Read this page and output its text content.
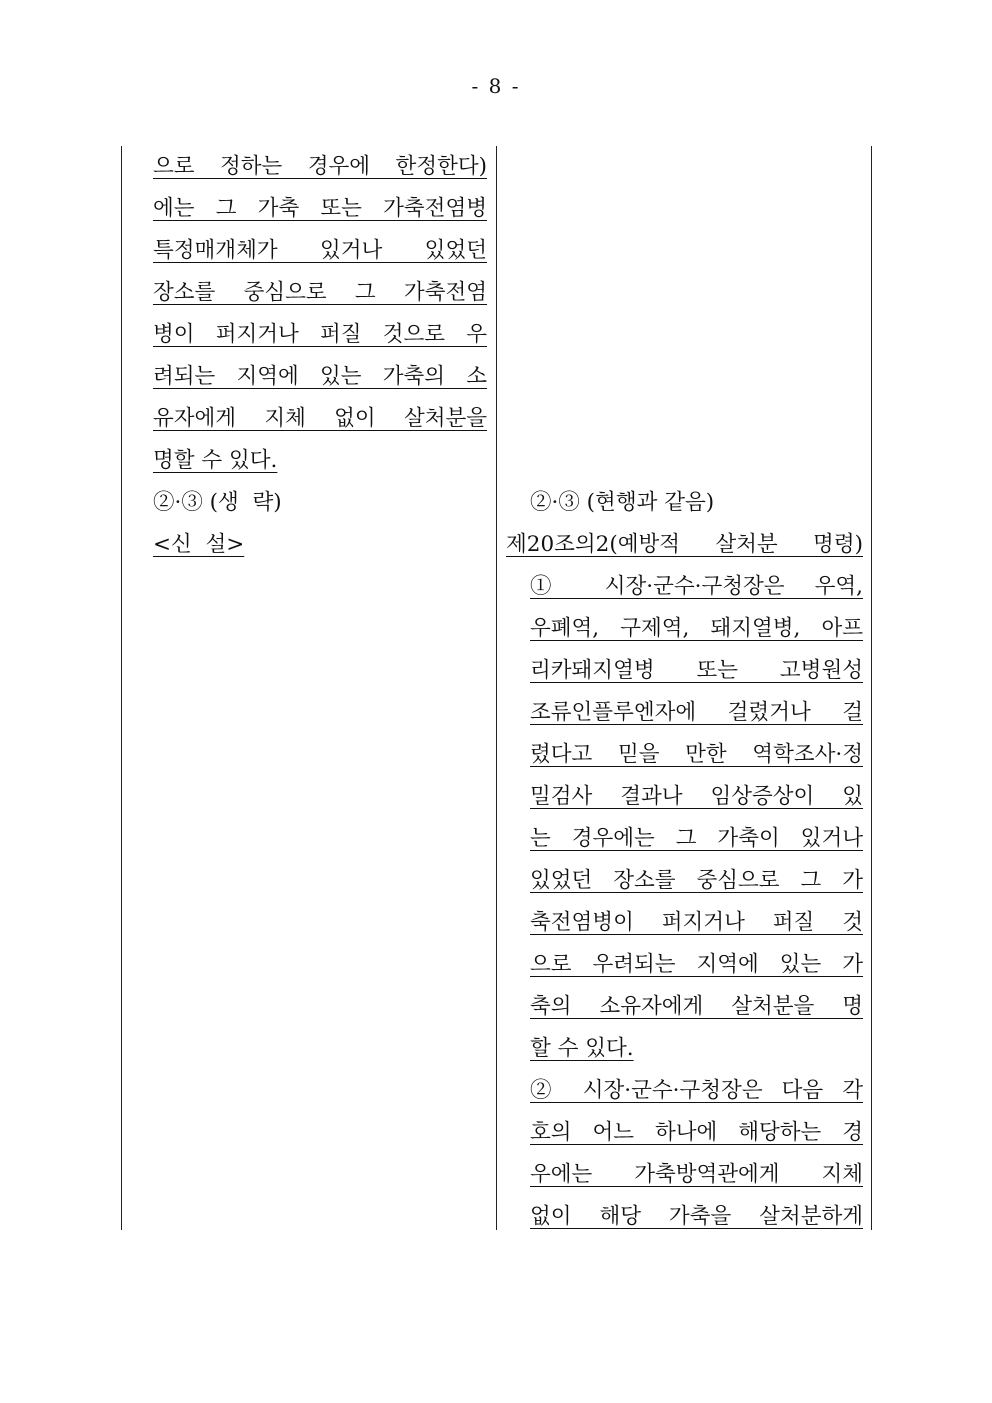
- 8 -
으로 정하는 경우에 한정한다)
에는 그 가축 또는 가축전염병
특정매개체가 있거나 있었던
장소를 중심으로 그 가축전염
병이 퍼지거나 퍼질 것으로 우
려되는 지역에 있는 가축의 소
유자에게 지체 없이 살처분을
명할 수 있다.
②·③ (생  략)
<신  설>
②·③ (현행과 같음)
제20조의2(예방적 살처분 명령)
① 시장·군수·구청장은 우역,
우폐역, 구제역, 돼지열병, 아프
리카돼지열병 또는 고병원성
조류인플루엔자에 걸렸거나 걸
렸다고 믿을 만한 역학조사·정
밀검사 결과나 임상증상이 있
는 경우에는 그 가축이 있거나
있었던 장소를 중심으로 그 가
축전염병이 퍼지거나 퍼질 것
으로 우려되는 지역에 있는 가
축의 소유자에게 살처분을 명
할 수 있다.
② 시장·군수·구청장은 다음 각
호의 어느 하나에 해당하는 경
우에는 가축방역관에게 지체
없이 해당 가축을 살처분하게
